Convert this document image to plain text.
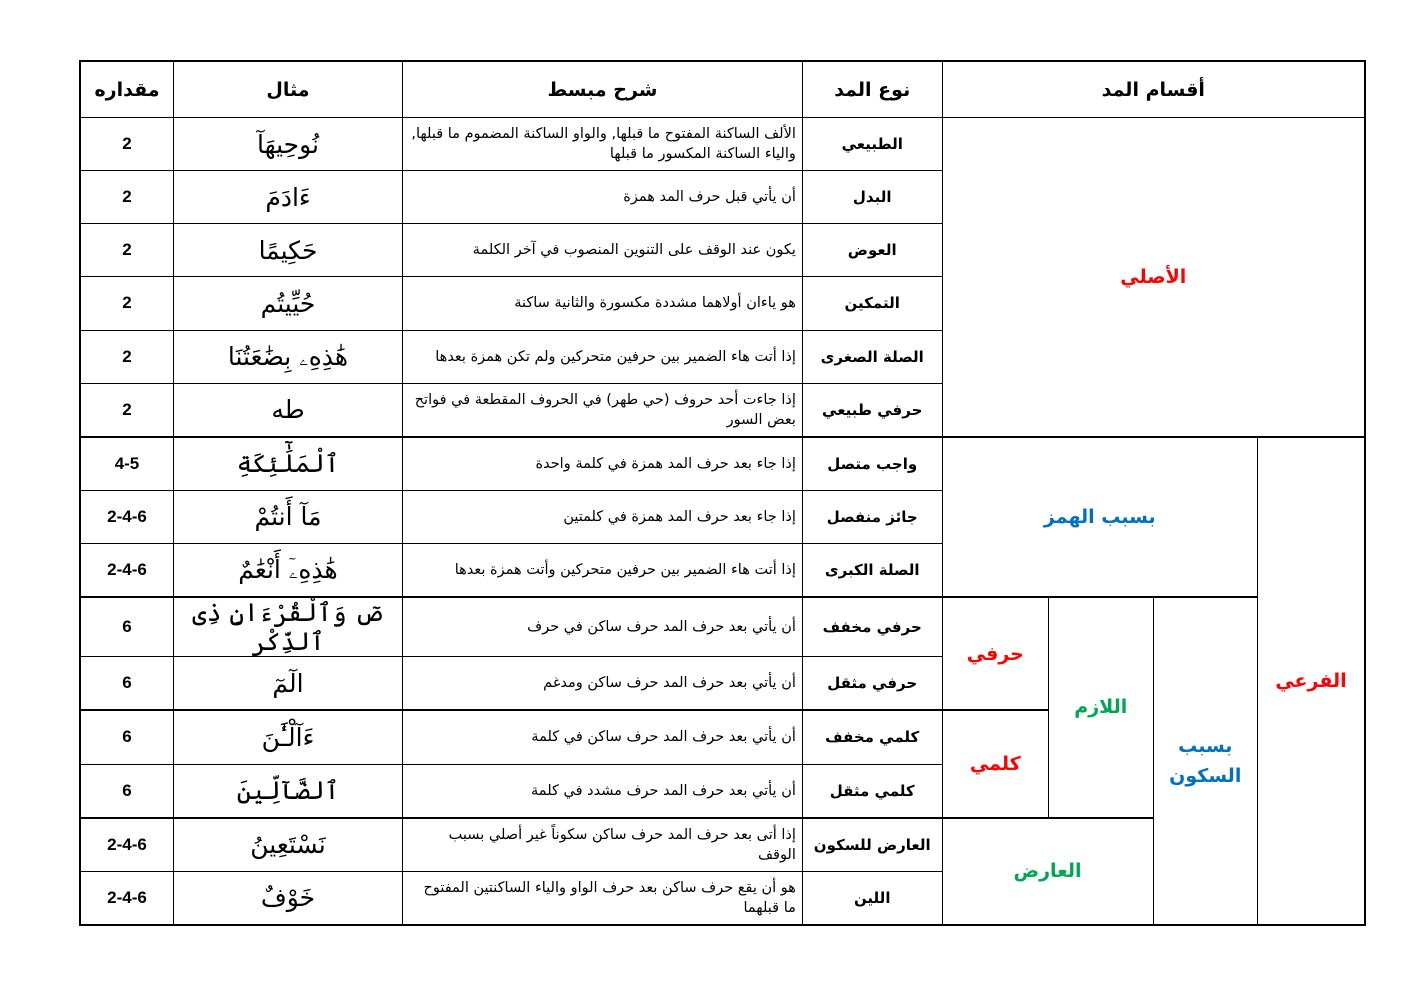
أقسام المد				نوع المد	شرح مبسط	مثال	مقداره
الأصلي				الطبيعي	الألف الساكنة المفتوح ما قبلها, والواو الساكنة المضموم ما قبلها, والياء الساكنة المكسور ما قبلها	نُوحِيهَآ	2
				البدل	أن يأتي قبل حرف المد همزة	ءَادَمَ	2
				العوض	يكون عند الوقف على التنوين المنصوب في آخر الكلمة	حَكِيمًا	2
				التمكين	هو ياءان أولاهما مشددة مكسورة والثانية ساكنة	حُيِّيتُم	2
				الصلة الصغرى	إذا أتت هاء الضمير بين حرفين متحركين ولم تكن همزة بعدها	هَٰذِهِۦ بِضَٰعَتُنَا	2
				حرفي طبيعي	إذا جاءت أحد حروف (حي طهر) في الحروف المقطعة في فواتح بعض السور	طه	2
الفرعي	بسبب الهمز			واجب متصل	إذا جاء بعد حرف المد همزة في كلمة واحدة	ٱلْمَلَٰٓئِكَةِ	4-5
				جائز منفصل	إذا جاء بعد حرف المد همزة في كلمتين	مَآ أَنتُمْ	2-4-6
				الصلة الكبرى	إذا أتت هاء الضمير بين حرفين متحركين وأتت همزة بعدها	هَٰذِهِۦٓ أَنْعَٰمٌ	2-4-6
	بسبب السكون	اللازم	حرفي	حرفي مخفف	أن يأتي بعد حرف المد حرف ساكن في حرف	صٓ وَٱلْقُرْءَانِ ذِى ٱلذِّكْرِ	6
				حرفي مثقل	أن يأتي بعد حرف المد حرف ساكن ومدغم	الٓمٓ	6
			كلمي	كلمي مخفف	أن يأتي بعد حرف المد حرف ساكن في كلمة	ءَآلْـَٰٔنَ	6
				كلمي مثقل	أن يأتي بعد حرف المد حرف مشدد في كلمة	ٱلضَّآلِّينَ	6
		العارض		العارض للسكون	إذا أتى بعد حرف المد حرف ساكن سكوناً غير أصلي بسبب الوقف	نَسْتَعِينُ	2-4-6
				اللين	هو أن يقع حرف ساكن بعد حرف الواو والياء الساكنتين المفتوح ما قبلهما	خَوْفٌ	2-4-6
